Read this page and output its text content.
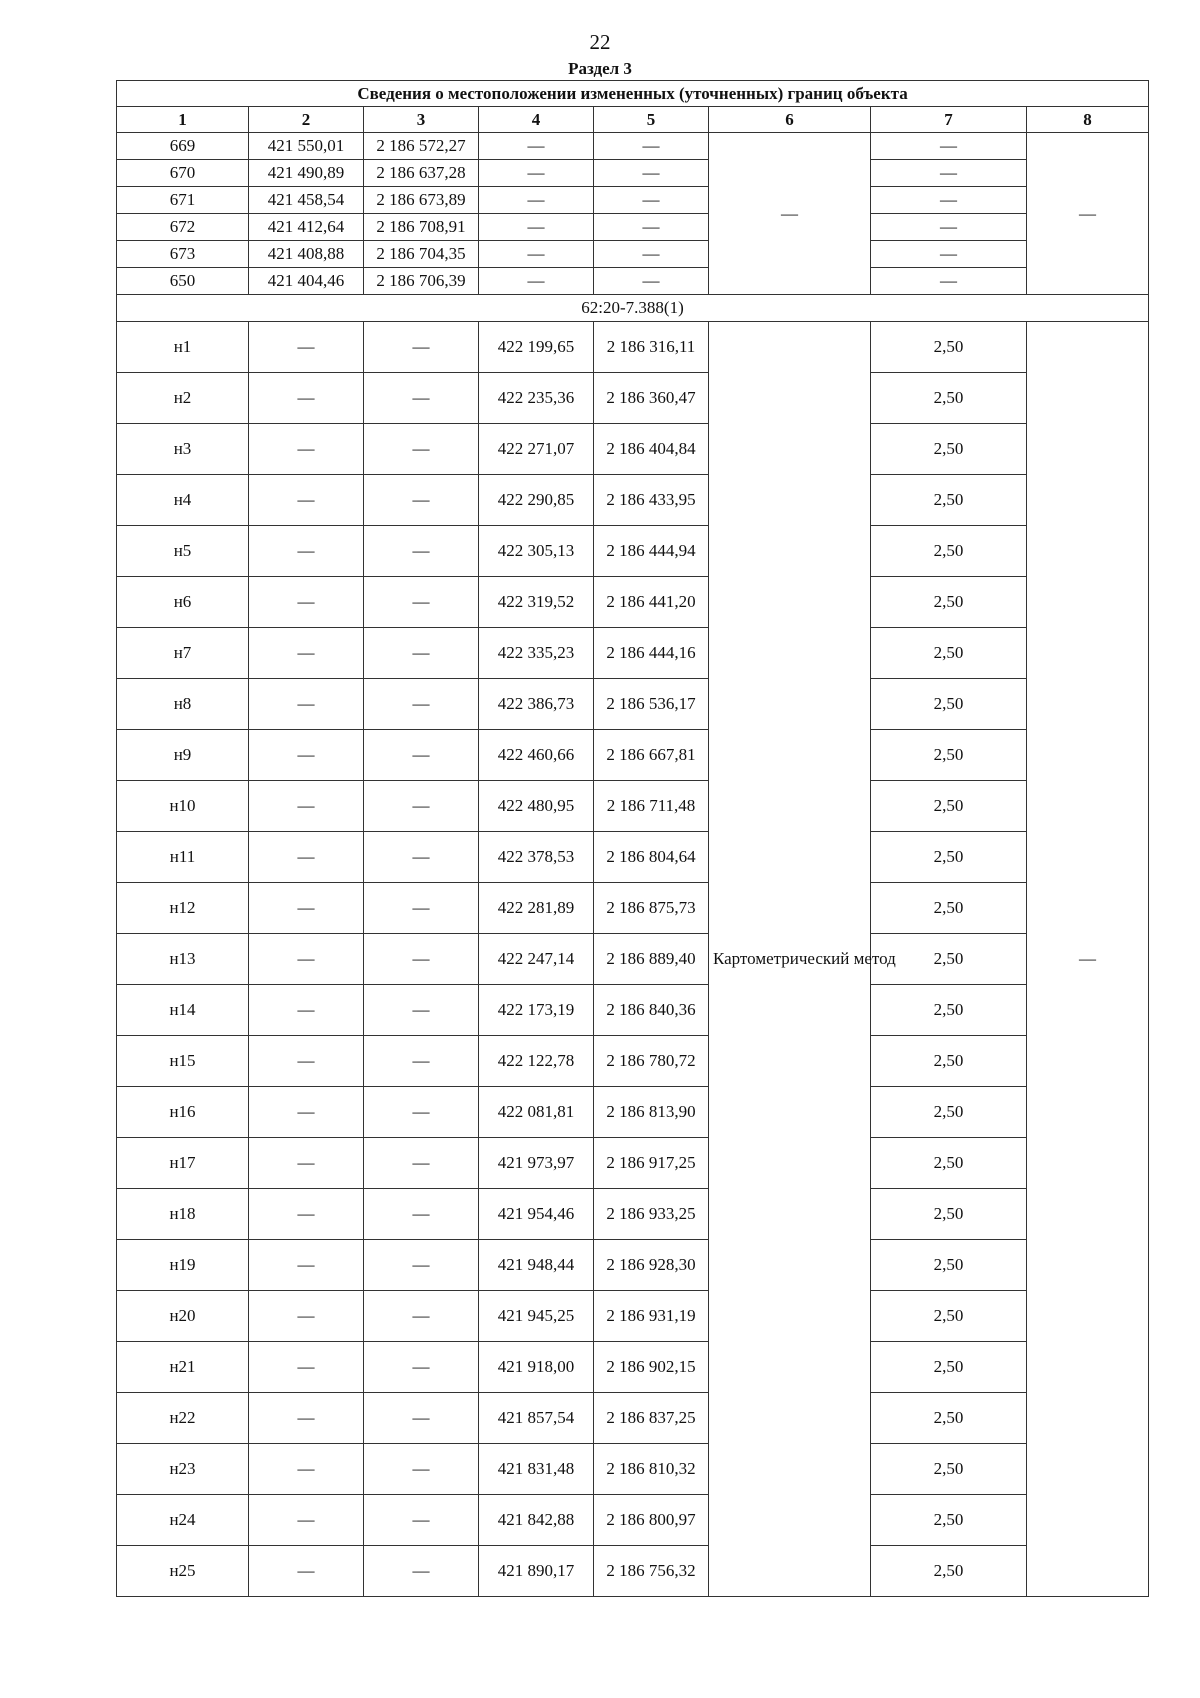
22
Раздел 3
Сведения о местоположении измененных (уточненных) границ объекта							
1	2	3	4	5	6	7	8
669	421 550,01	2 186 572,27	—	—	—	—	—
670	421 490,89	2 186 637,28	—	—		—	
671	421 458,54	2 186 673,89	—	—		—	
672	421 412,64	2 186 708,91	—	—		—	
673	421 408,88	2 186 704,35	—	—		—	
650	421 404,46	2 186 706,39	—	—		—	
62:20-7.388(1)							
н1	—	—	422 199,65	2 186 316,11	Картометрический метод	2,50	—
н2	—	—	422 235,36	2 186 360,47		2,50	
н3	—	—	422 271,07	2 186 404,84		2,50	
н4	—	—	422 290,85	2 186 433,95		2,50	
н5	—	—	422 305,13	2 186 444,94		2,50	
н6	—	—	422 319,52	2 186 441,20		2,50	
н7	—	—	422 335,23	2 186 444,16		2,50	
н8	—	—	422 386,73	2 186 536,17		2,50	
н9	—	—	422 460,66	2 186 667,81		2,50	
н10	—	—	422 480,95	2 186 711,48		2,50	
н11	—	—	422 378,53	2 186 804,64		2,50	
н12	—	—	422 281,89	2 186 875,73		2,50	
н13	—	—	422 247,14	2 186 889,40		2,50	
н14	—	—	422 173,19	2 186 840,36		2,50	
н15	—	—	422 122,78	2 186 780,72		2,50	
н16	—	—	422 081,81	2 186 813,90		2,50	
н17	—	—	421 973,97	2 186 917,25		2,50	
н18	—	—	421 954,46	2 186 933,25		2,50	
н19	—	—	421 948,44	2 186 928,30		2,50	
н20	—	—	421 945,25	2 186 931,19		2,50	
н21	—	—	421 918,00	2 186 902,15		2,50	
н22	—	—	421 857,54	2 186 837,25		2,50	
н23	—	—	421 831,48	2 186 810,32		2,50	
н24	—	—	421 842,88	2 186 800,97		2,50	
н25	—	—	421 890,17	2 186 756,32		2,50	
